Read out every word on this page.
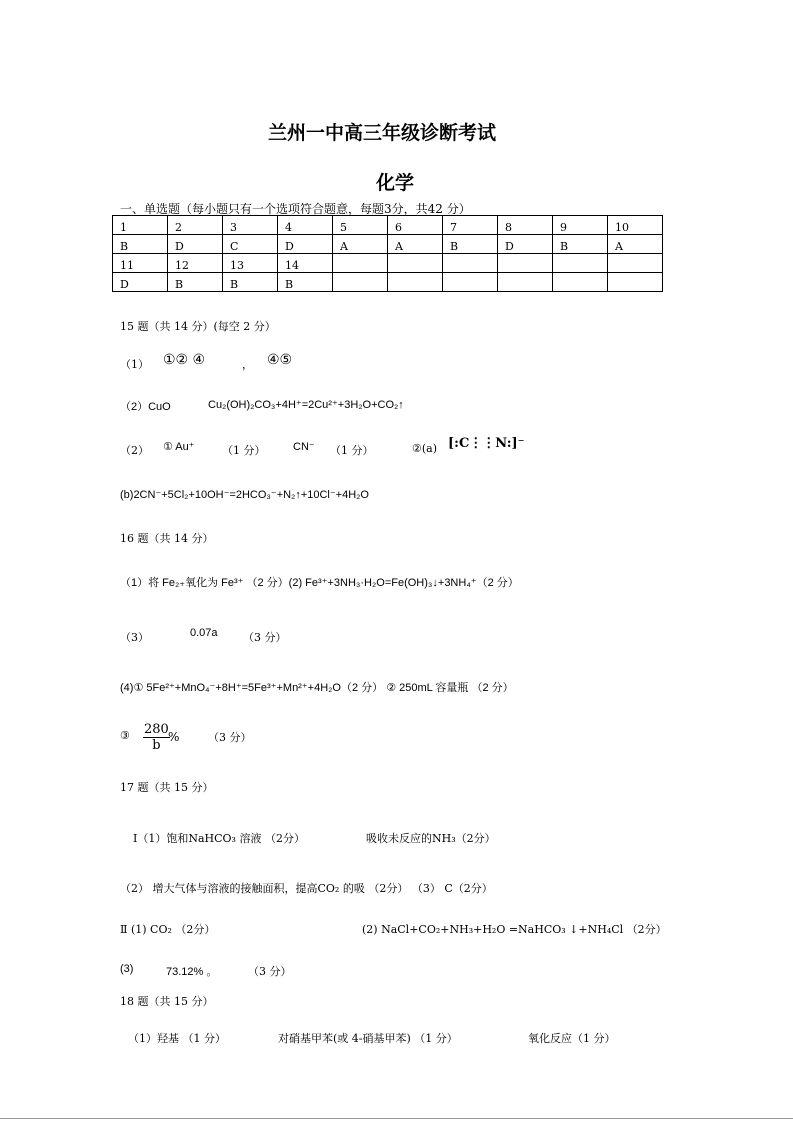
兰州一中高三年级诊断考试
化学
一、单选题（每小题只有一个选项符合题意，每题3分，共42 分）
1	2	3	4	5	6	7	8	9	10
B	D	C	D	A	A	B	D	B	A
11	12	13	14						
D	B	B	B						
15 题（共 14 分）(每空 2 分）
（1） ①② ④	， ④⑤
（2）CuO	Cu₂(OH)₂CO₃+4H⁺=2Cu²⁺+3H₂O+CO₂↑
（2） ① Au⁺ （1 分）	CN⁻ （1 分）	②(a) [:C⋮⋮N:]⁻
(b)2CN⁻+5Cl₂+10OH⁻=2HCO₃⁻+N₂↑+10Cl⁻+4H₂O
16 题（共 14 分）
（1）将 Fe₂₊氧化为 Fe³⁺ （2 分）(2) Fe³⁺+3NH₃·H₂O=Fe(OH)₃↓+3NH₄⁺（2 分）
（3）	0.07a （3 分）
(4)① 5Fe²⁺+MnO₄⁻+8H⁺=5Fe³⁺+Mn²⁺+4H₂O（2 分） ② 250mL 容量瓶 （2 分）
③ $\frac{280}{b}$
%	（3 分）
17 题（共 15 分）
Ⅰ（1）饱和NaHCO₃ 溶液 （2分）	吸收未反应的NH₃（2分）
（2） 增大气体与溶液的接触面积，提高CO₂ 的吸 （2分） （3） C（2分）
Ⅱ (1) CO₂ （2分）	(2) NaCl+CO₂+NH₃+H₂O =NaHCO₃ ↓+NH₄Cl （2分）
(3)	73.12% 。	（3 分）
18 题（共 15 分）
（1）羟基 （1 分）	对硝基甲苯(或 4-硝基甲苯) （1 分）	氧化反应（1 分）
